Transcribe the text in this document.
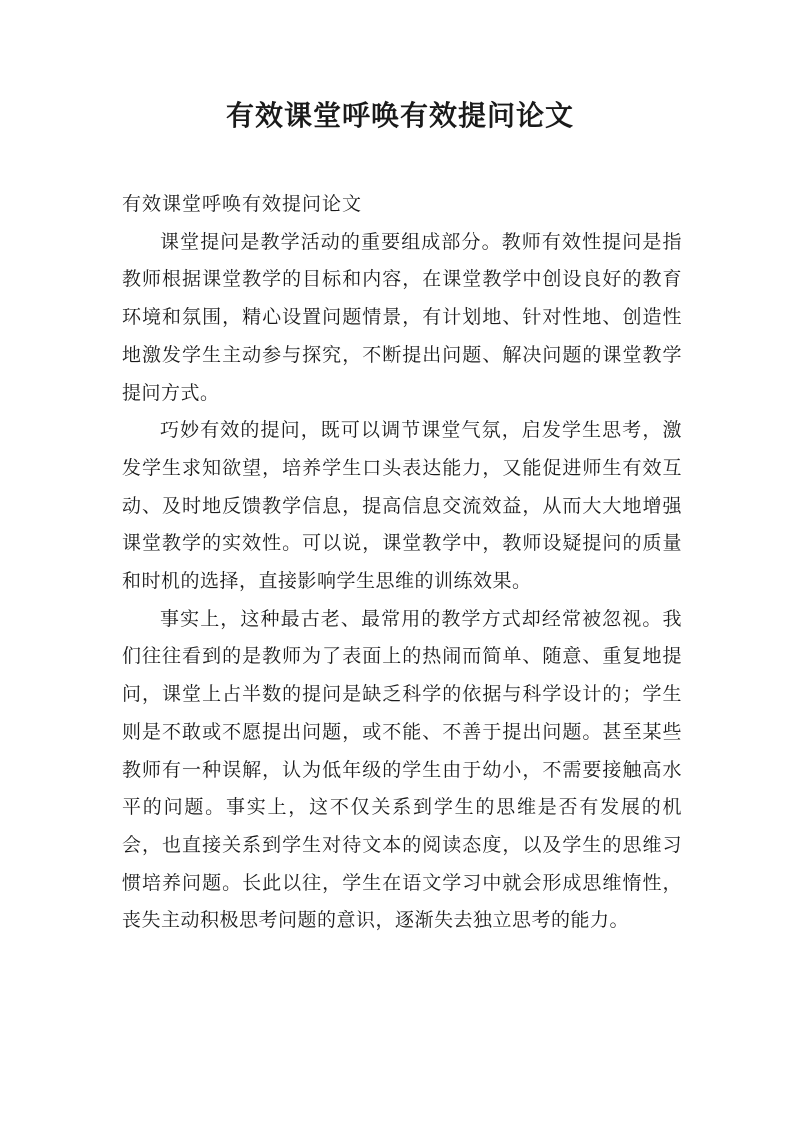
有效课堂呼唤有效提问论文

有效课堂呼唤有效提问论文

课堂提问是教学活动的重要组成部分。教师有效性提问是指教师根据课堂教学的目标和内容，在课堂教学中创设良好的教育环境和氛围，精心设置问题情景，有计划地、针对性地、创造性地激发学生主动参与探究，不断提出问题、解决问题的课堂教学提问方式。

巧妙有效的提问，既可以调节课堂气氛，启发学生思考，激发学生求知欲望，培养学生口头表达能力，又能促进师生有效互动、及时地反馈教学信息，提高信息交流效益，从而大大地增强课堂教学的实效性。可以说，课堂教学中，教师设疑提问的质量和时机的选择，直接影响学生思维的训练效果。

事实上，这种最古老、最常用的教学方式却经常被忽视。我们往往看到的是教师为了表面上的热闹而简单、随意、重复地提问，课堂上占半数的提问是缺乏科学的依据与科学设计的；学生则是不敢或不愿提出问题，或不能、不善于提出问题。甚至某些教师有一种误解，认为低年级的学生由于幼小，不需要接触高水平的问题。事实上，这不仅关系到学生的思维是否有发展的机会，也直接关系到学生对待文本的阅读态度，以及学生的思维习惯培养问题。长此以往，学生在语文学习中就会形成思维惰性，丧失主动积极思考问题的意识，逐渐失去独立思考的能力。
